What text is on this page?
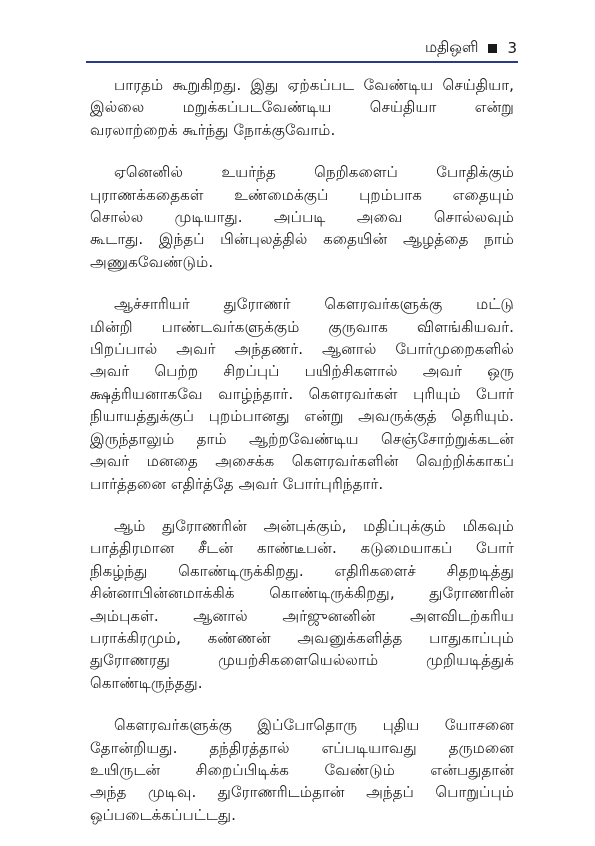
மதிஒளி 3
பாரதம் கூறுகிறது. இது ஏற்கப்பட வேண்டிய செய்தியா,
இல்லை மறுக்கப்படவேண்டிய செய்தியா என்று
வரலாற்றைக் கூர்ந்து நோக்குவோம்.
ஏனெனில் உயர்ந்த நெறிகளைப் போதிக்கும்
புராணக்கதைகள் உண்மைக்குப் புறம்பாக எதையும்
சொல்ல முடியாது. அப்படி அவை சொல்லவும்
கூடாது. இந்தப் பின்புலத்தில் கதையின் ஆழத்தை நாம்
அணுகவேண்டும்.
ஆச்சாரியர் துரோணர் கௌரவர்களுக்கு மட்டு
மின்றி பாண்டவர்களுக்கும் குருவாக விளங்கியவர்.
பிறப்பால் அவர் அந்தணர். ஆனால் போர்முறைகளில்
அவர் பெற்ற சிறப்புப் பயிற்சிகளால் அவர் ஒரு
க்ஷத்ரியனாகவே வாழ்ந்தார். கௌரவர்கள் புரியும் போர்
நியாயத்துக்குப் புறம்பானது என்று அவருக்குத் தெரியும்.
இருந்தாலும் தாம் ஆற்றவேண்டிய செஞ்சோற்றுக்கடன்
அவர் மனதை அசைக்க கௌரவர்களின் வெற்றிக்காகப்
பார்த்தனை எதிர்த்தே அவர் போர்புரிந்தார்.
ஆம் துரோணரின் அன்புக்கும், மதிப்புக்கும் மிகவும்
பாத்திரமான சீடன் காண்டீபன். கடுமையாகப் போர்
நிகழ்ந்து கொண்டிருக்கிறது. எதிரிகளைச் சிதறடித்து
சின்னாபின்னமாக்கிக் கொண்டிருக்கிறது, துரோணரின்
அம்புகள். ஆனால் அர்ஜுனனின் அளவிடற்கரிய
பராக்கிரமும், கண்ணன் அவனுக்களித்த பாதுகாப்பும்
துரோணரது முயற்சிகளையெல்லாம் முறியடித்துக்
கொண்டிருந்தது.
கௌரவர்களுக்கு இப்போதொரு புதிய யோசனை
தோன்றியது. தந்திரத்தால் எப்படியாவது தருமனை
உயிருடன் சிறைப்பிடிக்க வேண்டும் என்பதுதான்
அந்த முடிவு. துரோணரிடம்தான் அந்தப் பொறுப்பும்
ஒப்படைக்கப்பட்டது.
